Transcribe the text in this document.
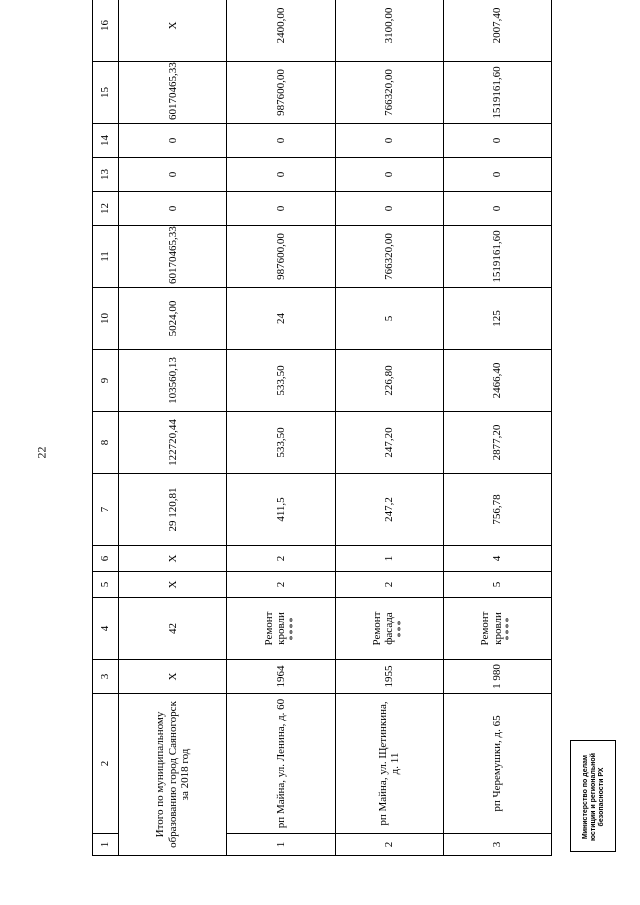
22
1	2	3	4	5	6	7	8	9	10	11	12	13	14	15	16		
Итого по муниципальному образованию город Саяногорск за 2018 год		X	42	X	X	29 120,81	122720,44	103560,13	5024,00	60170465,33	0	0	0	60170465,33	X		
1	рп Майна, ул. Ленина, д. 60	1964	Ремонт кровли ****	2	2	411,5	533,50	533,50	24	987600,00	0	0	0	987600,00	2400,00		

2	рп Майна, ул. Щетинкина, д. 11	1955	Ремонт фасада ***	2	1	247,2	247,20	226,80	5	766320,00	0	0	0	766320,00	3100,00		

3	рп Черемушки, д. 65	1 980	Ремонт кровли ****	5	4	756,78	2877,20	2466,40	125	1519161,60	0	0	0	1519161,60	2007,40		

Министерство по делам юстиции и региональной безопасности РХ
